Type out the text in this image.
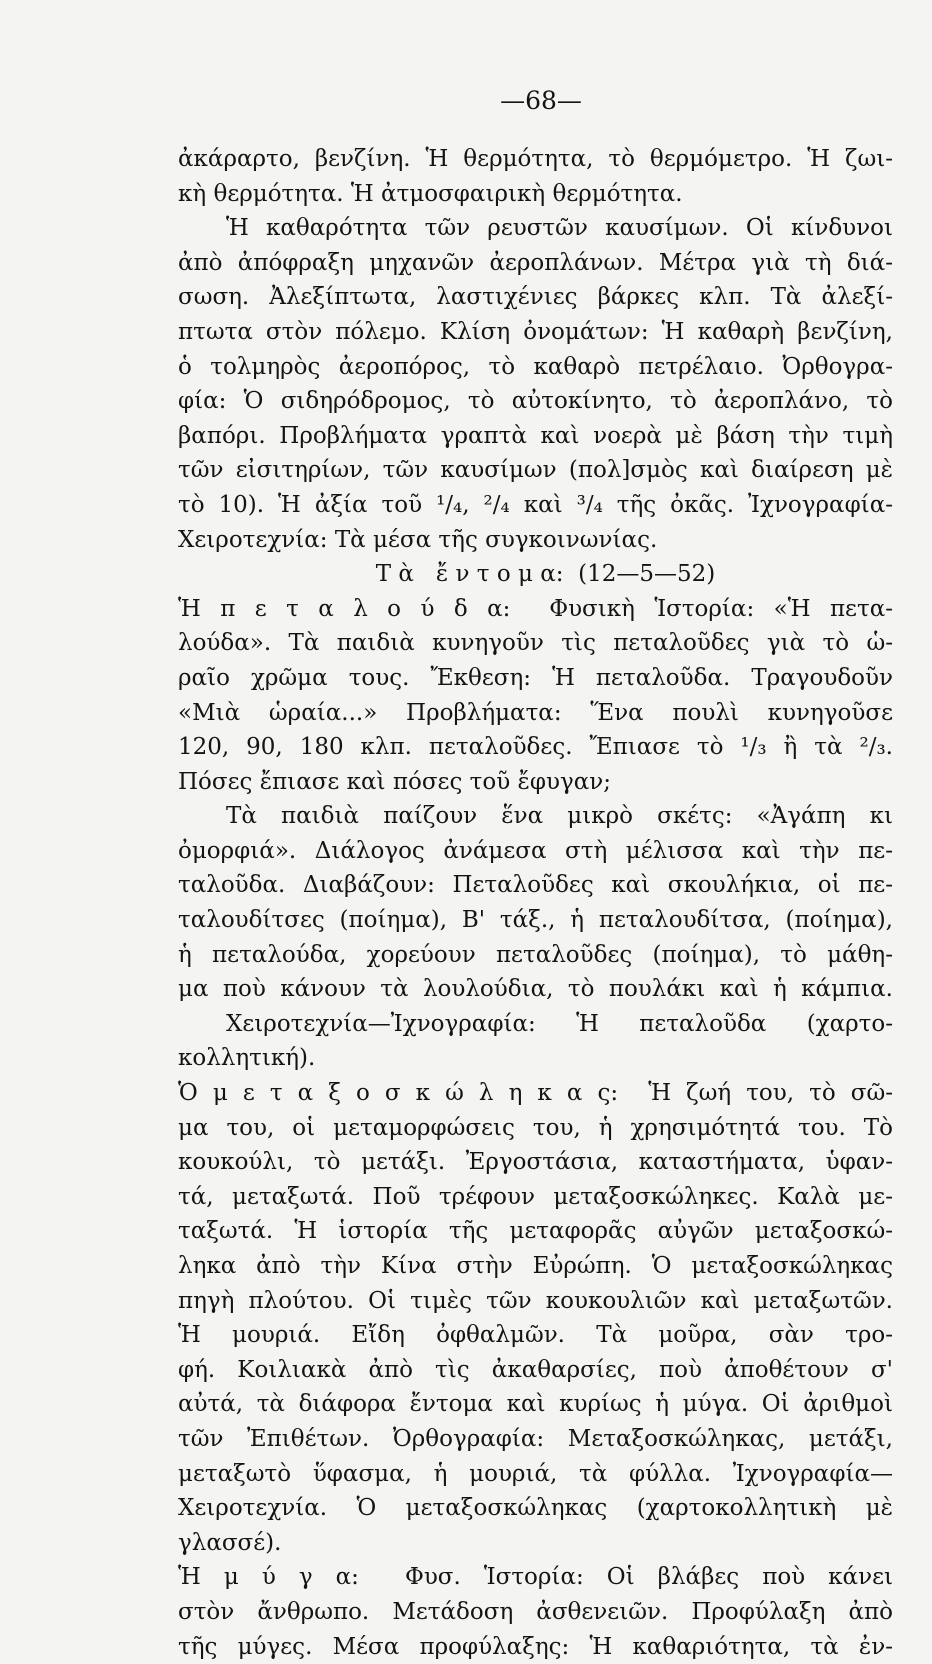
—68—
ἀκάραρτο, βενζίνη. Ἡ θερμότητα, τὸ θερμόμετρο. Ἡ ζωι-
κὴ θερμότητα. Ἡ ἀτμοσφαιρικὴ θερμότητα.
Ἡ καθαρότητα τῶν ρευστῶν καυσίμων. Οἱ κίνδυνοι
ἀπὸ ἀπόφραξη μηχανῶν ἀεροπλάνων. Μέτρα γιὰ τὴ διά-
σωση. Ἀλεξίπτωτα, λαστιχένιες βάρκες κλπ. Τὰ ἀλεξί-
πτωτα στὸν πόλεμο. Κλίση ὀνομάτων: Ἡ καθαρὴ βενζίνη,
ὁ τολμηρὸς ἀεροπόρος, τὸ καθαρὸ πετρέλαιο. Ὀρθογρα-
φία: Ὁ σιδηρόδρομος, τὸ αὐτοκίνητο, τὸ ἀεροπλάνο, τὸ
βαπόρι. Προβλήματα γραπτὰ καὶ νοερὰ μὲ βάση τὴν τιμὴ
τῶν εἰσιτηρίων, τῶν καυσίμων (πολ]σμὸς καὶ διαίρεση μὲ
τὸ 10). Ἡ ἀξία τοῦ ¹/₄, ²/₄ καὶ ³/₄ τῆς ὀκᾶς. Ἰχνογραφία-
Χειροτεχνία: Τὰ μέσα τῆς συγκοινωνίας.
Τ ὰ   ἔ ν τ ο μ α:  (12—5—52)
Ἡ π ε τ α λ ο ύ δ α:  Φυσικὴ Ἱστορία: «Ἡ πετα-
λούδα». Τὰ παιδιὰ κυνηγοῦν τὶς πεταλοῦδες γιὰ τὸ ὡ-
ραῖο χρῶμα τους. Ἔκθεση: Ἡ πεταλοῦδα. Τραγουδοῦν
«Μιὰ ὡραία...» Προβλήματα: Ἕνα πουλὶ κυνηγοῦσε
120, 90, 180 κλπ. πεταλοῦδες. Ἔπιασε τὸ ¹/₃ ἢ τὰ ²/₃.
Πόσες ἔπιασε καὶ πόσες τοῦ ἔφυγαν;
Τὰ παιδιὰ παίζουν ἕνα μικρὸ σκέτς: «Ἀγάπη κι
ὀμορφιά». Διάλογος ἀνάμεσα στὴ μέλισσα καὶ τὴν πε-
ταλοῦδα. Διαβάζουν: Πεταλοῦδες καὶ σκουλήκια, οἱ πε-
ταλουδίτσες (ποίημα), Β' τάξ., ἡ πεταλουδίτσα, (ποίημα),
ἡ πεταλούδα, χορεύουν πεταλοῦδες (ποίημα), τὸ μάθη-
μα ποὺ κάνουν τὰ λουλούδια, τὸ πουλάκι καὶ ἡ κάμπια.
Χειροτεχνία—Ἰχνογραφία: Ἡ πεταλοῦδα (χαρτο-
κολλητική).
Ὁ μ ε τ α ξ ο σ κ ώ λ η κ α ς:  Ἡ ζωή του, τὸ σῶ-
μα του, οἱ μεταμορφώσεις του, ἡ χρησιμότητά του. Τὸ
κουκούλι, τὸ μετάξι. Ἐργοστάσια, καταστήματα, ὑφαν-
τά, μεταξωτά. Ποῦ τρέφουν μεταξοσκώληκες. Καλὰ με-
ταξωτά. Ἡ ἱστορία τῆς μεταφορᾶς αὐγῶν μεταξοσκώ-
ληκα ἀπὸ τὴν Κίνα στὴν Εὐρώπη. Ὁ μεταξοσκώληκας
πηγὴ πλούτου. Οἱ τιμὲς τῶν κουκουλιῶν καὶ μεταξωτῶν.
Ἡ μουριά. Εἴδη ὀφθαλμῶν. Τὰ μοῦρα, σὰν τρο-
φή. Κοιλιακὰ ἀπὸ τὶς ἀκαθαρσίες, ποὺ ἀποθέτουν σ'
αὐτά, τὰ διάφορα ἔντομα καὶ κυρίως ἡ μύγα. Οἱ ἀριθμοὶ
τῶν Ἐπιθέτων. Ὀρθογραφία: Μεταξοσκώληκας, μετάξι,
μεταξωτὸ ὕφασμα, ἡ μουριά, τὰ φύλλα. Ἰχνογραφία—
Χειροτεχνία. Ὁ μεταξοσκώληκας (χαρτοκολλητικὴ μὲ
γλασσέ).
Ἡ μ ύ γ α:  Φυσ. Ἱστορία: Οἱ βλάβες ποὺ κάνει
στὸν ἄνθρωπο. Μετάδοση ἀσθενειῶν. Προφύλαξη ἀπὸ
τῆς μύγες. Μέσα προφύλαξης: Ἡ καθαριότητα, τὰ ἐν-
